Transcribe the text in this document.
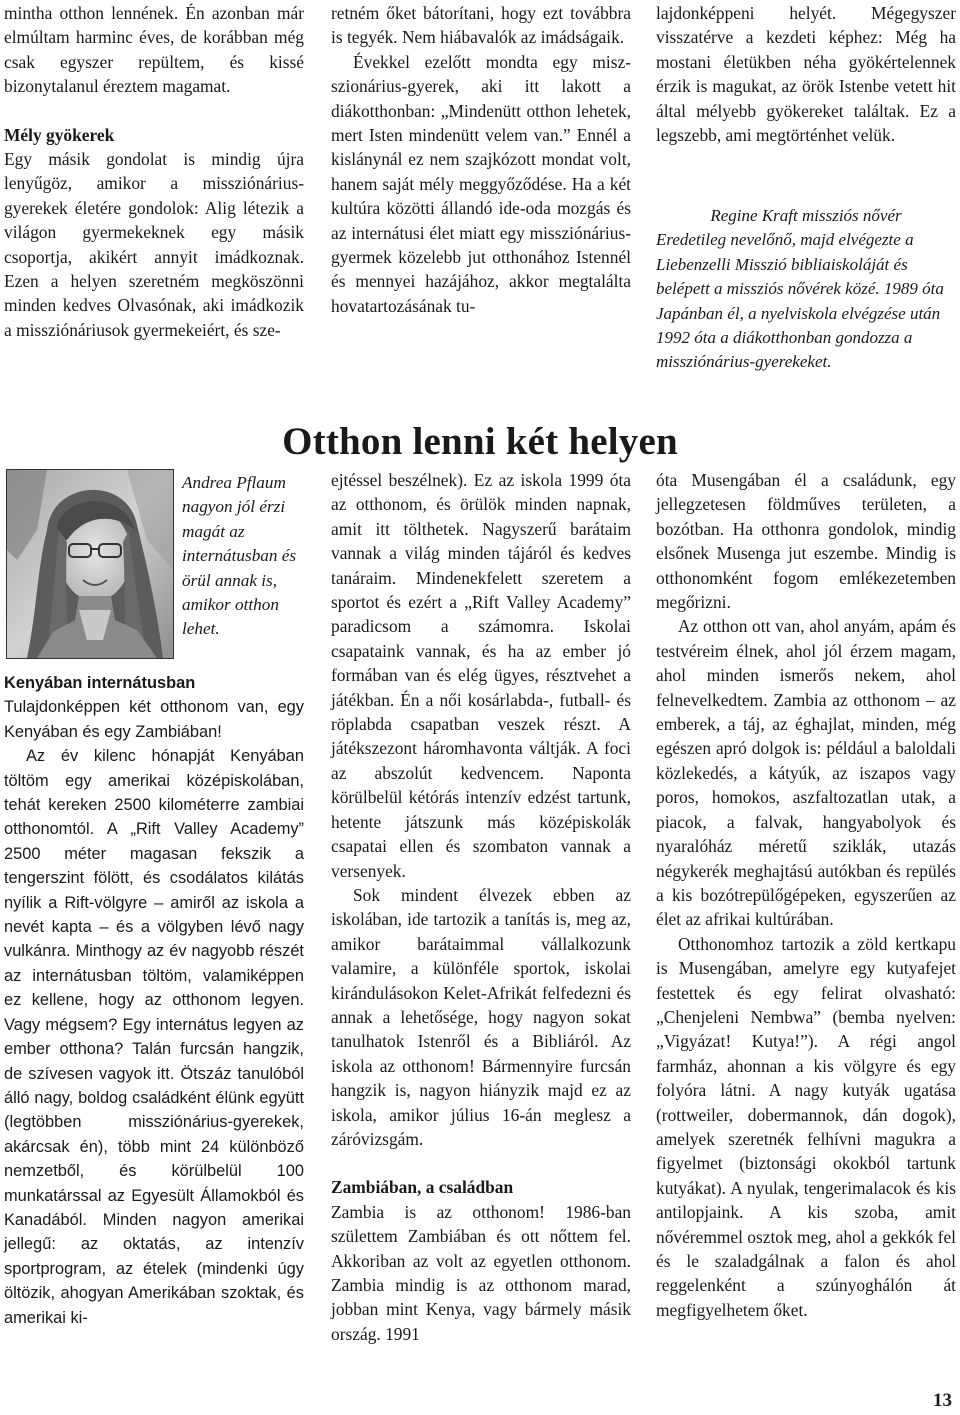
mintha otthon lennének. Én azonban már elmúltam harminc éves, de korábban még csak egyszer repültem, és kissé bizonytalanul éreztem magamat.

Mély gyökerek

Egy másik gondolat is mindig újra lenyűgöz, amikor a missziónárius-gyerekek életére gondolok: Alig létezik a világon gyermekeknek egy másik csoportja, akikért annyit imádkoznak. Ezen a helyen szeretném megköszönni minden kedves Olvasónak, aki imádkozik a missziónáriusok gyermekeiért, és sze-

retném őket bátorítani, hogy ezt továbbra is tegyék. Nem hiábavalók az imádságaik.

Évekkel ezelőtt mondta egy misz-szionárius-gyerek, aki itt lakott a diákotthonban: „Mindenütt otthon lehetek, mert Isten mindenütt velem van.” Ennél a kislánynál ez nem szajkózott mondat volt, hanem saját mély meggyőződése. Ha a két kultúra közötti állandó ide-oda mozgás és az internátusi élet miatt egy missziónárius-gyermek közelebb jut otthonához Istennél és mennyei hazájához, akkor megtalálta hovatartozásának tu-

lajdonképpeni helyét. Mégegyszer visszatérve a kezdeti képhez: Még ha mostani életükben néha gyökértelennek érzik is magukat, az örök Istenbe vetett hit által mélyebb gyökereket találtak. Ez a legszebb, ami megtörténhet velük.

Regine Kraft missziós nővér

Eredetileg nevelőnő, majd elvégezte a Liebenzelli Misszió bibliaiskoláját és belépett a missziós nővérek közé. 1989 óta Japánban él, a nyelviskola elvégzése után 1992 óta a diákotthonban gondozza a missziónárius-gyerekeket.

Otthon lenni két helyen
Andrea Pflaum nagyon jól érzi magát az internátusban és örül annak is, amikor otthon lehet.
Kenyában internátusban

Tulajdonképpen két otthonom van, egy Kenyában és egy Zambiában!

Az év kilenc hónapját Kenyában töltöm egy amerikai középiskolában, tehát kereken 2500 kilométerre zambiai otthonomtól. A „Rift Valley Academy” 2500 méter magasan fekszik a tengerszint fölött, és csodálatos kilátás nyílik a Rift-völgyre – amiről az iskola a nevét kapta – és a völgyben lévő nagy vulkánra. Minthogy az év nagyobb részét az internátusban töltöm, valamiképpen ez kellene, hogy az otthonom legyen. Vagy mégsem? Egy internátus legyen az ember otthona? Talán furcsán hangzik, de szívesen vagyok itt. Ötszáz tanulóból álló nagy, boldog családként élünk együtt (legtöbben missziónárius-gyerekek, akárcsak én), több mint 24 különböző nemzetből, és körülbelül 100 munkatárssal az Egyesült Államokból és Kanadából. Minden nagyon amerikai jellegű: az oktatás, az intenzív sportprogram, az ételek (mindenki úgy öltözik, ahogyan Amerikában szoktak, és amerikai ki-

ejtéssel beszélnek). Ez az iskola 1999 óta az otthonom, és örülök minden napnak, amit itt tölthetek. Nagyszerű barátaim vannak a világ minden tájáról és kedves tanáraim. Mindenekfelett szeretem a sportot és ezért a „Rift Valley Academy” paradicsom a számomra. Iskolai csapataink vannak, és ha az ember jó formában van és elég ügyes, résztvehet a játékban. Én a női kosárlabda-, futball- és röplabda csapatban veszek részt. A játékszezont háromhavonta váltják. A foci az abszolút kedvencem. Naponta körülbelül kétórás intenzív edzést tartunk, hetente játszunk más középiskolák csapatai ellen és szombaton vannak a versenyek.

Sok mindent élvezek ebben az iskolában, ide tartozik a tanítás is, meg az, amikor barátaimmal vállalkozunk valamire, a különféle sportok, iskolai kirándulásokon Kelet-Afrikát felfedezni és annak a lehetősége, hogy nagyon sokat tanulhatok Istenről és a Bibliáról. Az iskola az otthonom! Bármennyire furcsán hangzik is, nagyon hiányzik majd ez az iskola, amikor július 16-án meglesz a záróvizsgám.

Zambiában, a családban

Zambia is az otthonom! 1986-ban születtem Zambiában és ott nőttem fel. Akkoriban az volt az egyetlen otthonom. Zambia mindig is az otthonom marad, jobban mint Kenya, vagy bármely másik ország. 1991

óta Musengában él a családunk, egy jellegzetesen földműves területen, a bozótban. Ha otthonra gondolok, mindig elsőnek Musenga jut eszembe. Mindig is otthonomként fogom emlékezetemben megőrizni.

Az otthon ott van, ahol anyám, apám és testvéreim élnek, ahol jól érzem magam, ahol minden ismerős nekem, ahol felnevelkedtem. Zambia az otthonom – az emberek, a táj, az éghajlat, minden, még egészen apró dolgok is: például a baloldali közlekedés, a kátyúk, az iszapos vagy poros, homokos, aszfaltozatlan utak, a piacok, a falvak, hangyabolyok és nyaralóház méretű sziklák, utazás négykerék meghajtású autókban és repülés a kis bozótrepülőgépeken, egyszerűen az élet az afrikai kultúrában.

Otthonomhoz tartozik a zöld kertkapu is Musengában, amelyre egy kutyafejet festettek és egy felirat olvasható: „Chenjeleni Nembwa” (bemba nyelven: „Vigyázat! Kutya!”). A régi angol farmház, ahonnan a kis völgyre és egy folyóra látni. A nagy kutyák ugatása (rottweiler, dobermannok, dán dogok), amelyek szeretnék felhívni magukra a figyelmet (biztonsági okokból tartunk kutyákat). A nyulak, tengerimalacok és kis antilopjaink. A kis szoba, amit nővéremmel osztok meg, ahol a gekkók fel és le szaladgálnak a falon és ahol reggelenként a szúnyoghálón át megfigyelhetem őket.

13
